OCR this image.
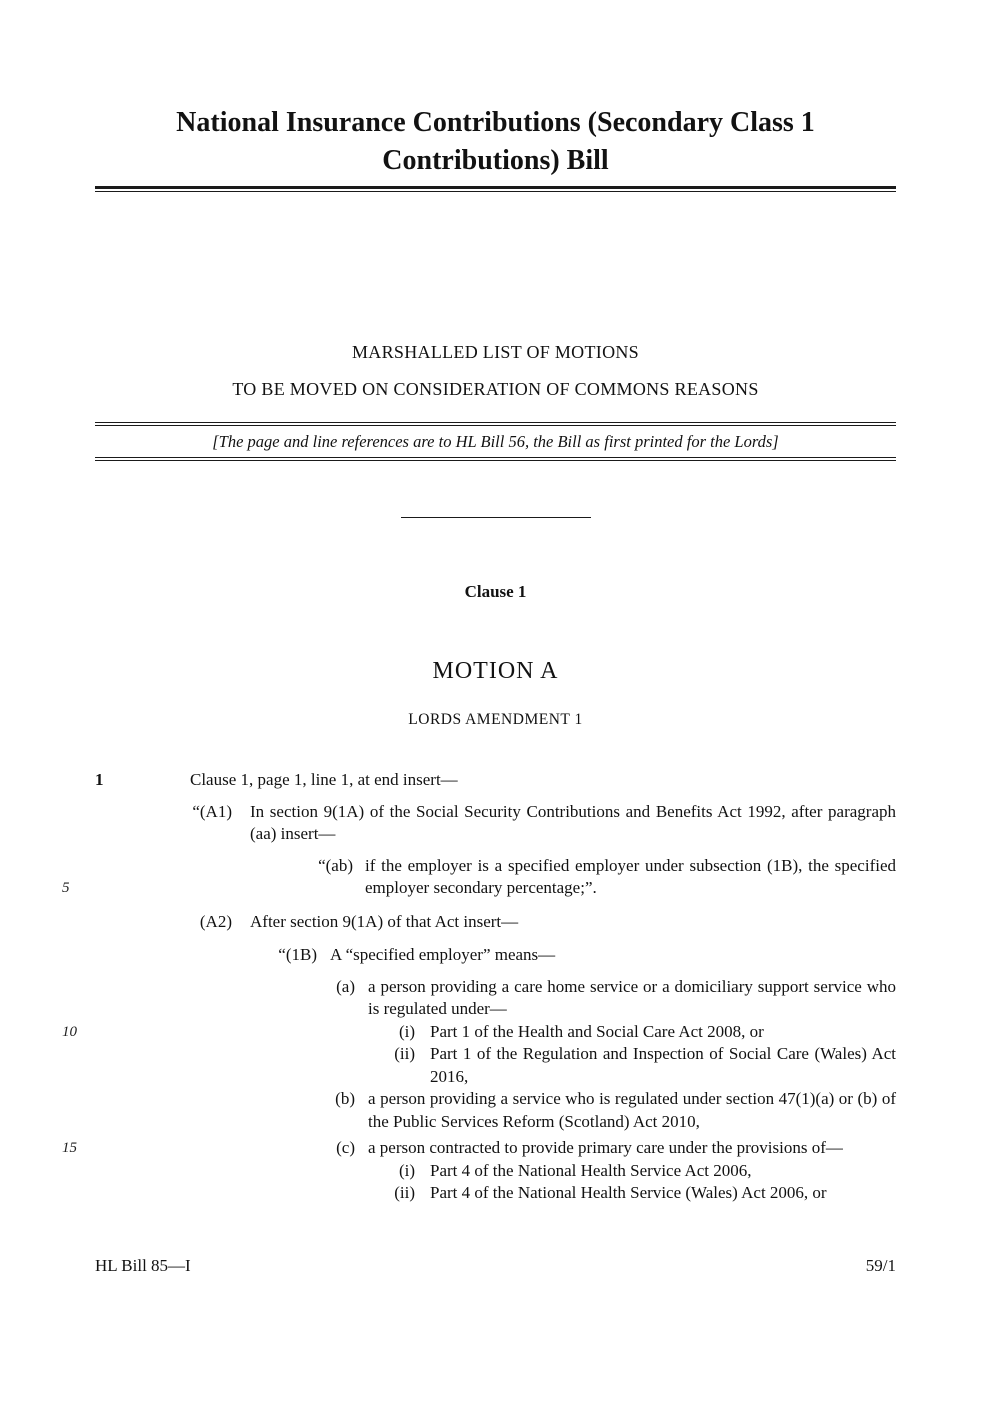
National Insurance Contributions (Secondary Class 1 Contributions) Bill
MARSHALLED LIST OF MOTIONS
TO BE MOVED ON CONSIDERATION OF COMMONS REASONS
[The page and line references are to HL Bill 56, the Bill as first printed for the Lords]
Clause 1
MOTION A
LORDS AMENDMENT 1
1	Clause 1, page 1, line 1, at end insert—
“(A1) In section 9(1A) of the Social Security Contributions and Benefits Act 1992, after paragraph (aa) insert—
5
“(ab) if the employer is a specified employer under subsection (1B), the specified employer secondary percentage;”.
(A2) After section 9(1A) of that Act insert—
“(1B) A “specified employer” means—
(a) a person providing a care home service or a domiciliary support service who is regulated under—
10	(i) Part 1 of the Health and Social Care Act 2008, or
(ii) Part 1 of the Regulation and Inspection of Social Care (Wales) Act 2016,
(b) a person providing a service who is regulated under section 47(1)(a) or (b) of the Public Services Reform (Scotland) Act 2010,
15	(c) a person contracted to provide primary care under the provisions of—
(i) Part 4 of the National Health Service Act 2006,
(ii) Part 4 of the National Health Service (Wales) Act 2006, or
HL Bill 85—I	59/1
